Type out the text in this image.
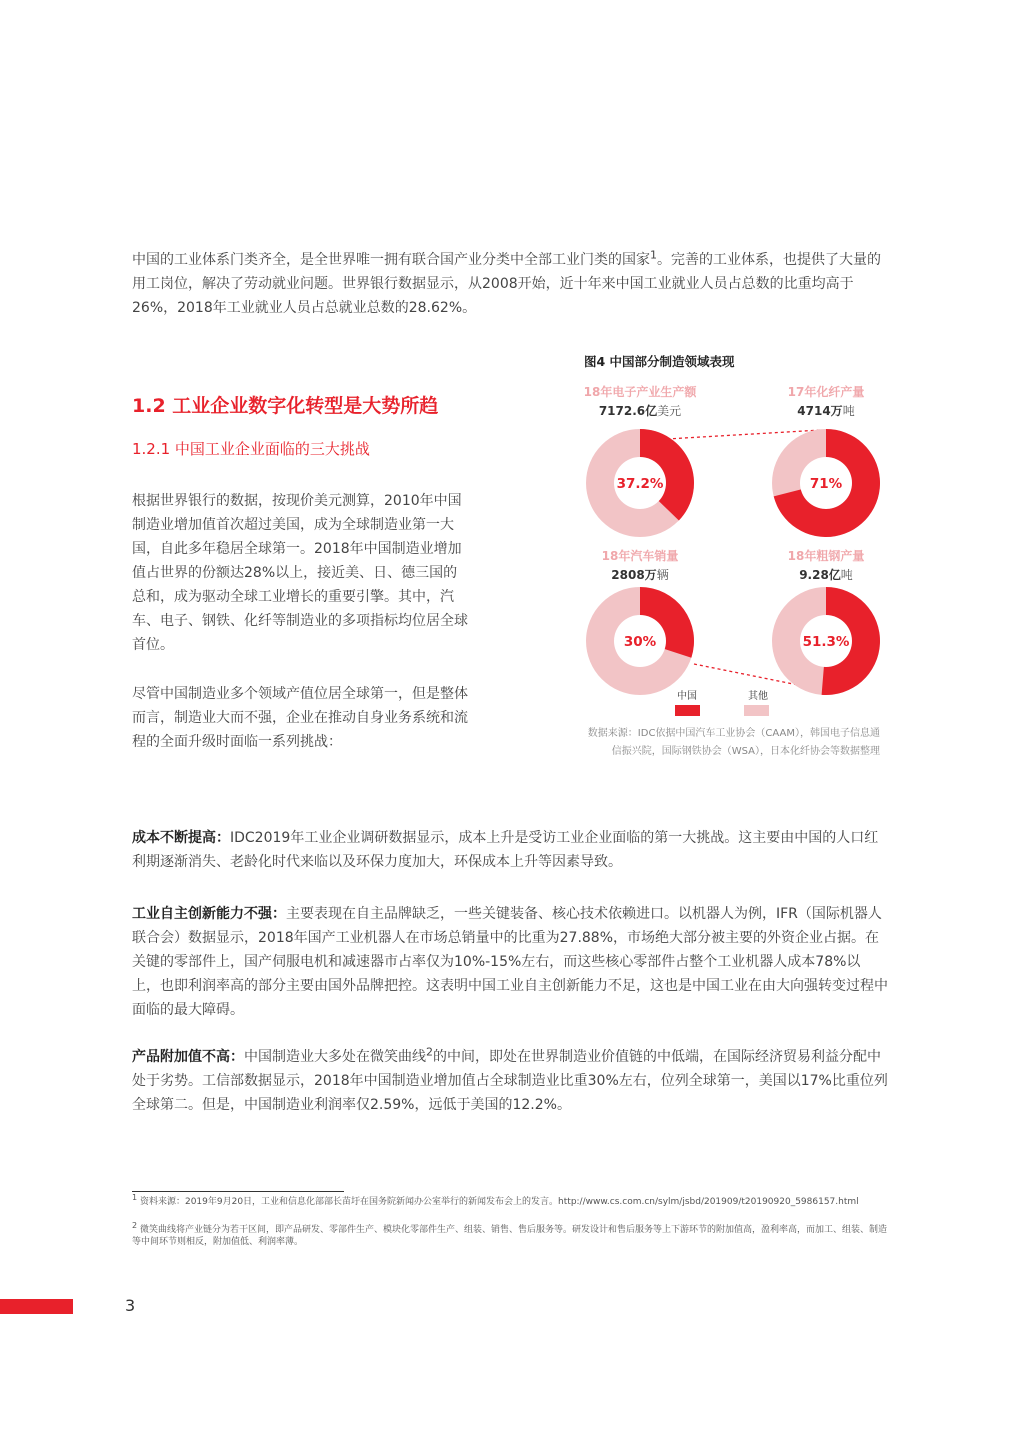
中国的工业体系门类齐全，是全世界唯一拥有联合国产业分类中全部工业门类的国家$^1$。完善的工业体系，也提供了大量的用工岗位，解决了劳动就业问题。世界银行数据显示，从2008开始，近十年来中国工业就业人员占总数的比重均高于26%，2018年工业就业人员占总就业总数的28.62%。

1.2 工业企业数字化转型是大势所趋
1.2.1 中国工业企业面临的三大挑战

根据世界银行的数据，按现价美元测算，2010年中国制造业增加值首次超过美国，成为全球制造业第一大国，自此多年稳居全球第一。2018年中国制造业增加值占世界的份额达28%以上，接近美、日、德三国的总和，成为驱动全球工业增长的重要引擎。其中，汽车、电子、钢铁、化纤等制造业的多项指标均位居全球首位。

尽管中国制造业多个领域产值位居全球第一，但是整体而言，制造业大而不强，企业在推动自身业务系统和流程的全面升级时面临一系列挑战：

图4 中国部分制造领域表现
18年电子产业生产额
7172.6亿美元
37.2%
17年化纤产量
4714万吨
71%
18年汽车销量
2808万辆
30%
18年粗钢产量
9.28亿吨
51.3%
中国	其他
数据来源：IDC依据中国汽车工业协会（CAAM），韩国电子信息通
信振兴院，国际钢铁协会（WSA），日本化纤协会等数据整理

成本不断提高：IDC2019年工业企业调研数据显示，成本上升是受访工业企业面临的第一大挑战。这主要由中国的人口红利期逐渐消失、老龄化时代来临以及环保力度加大，环保成本上升等因素导致。

工业自主创新能力不强：主要表现在自主品牌缺乏，一些关键装备、核心技术依赖进口。以机器人为例，IFR（国际机器人联合会）数据显示，2018年国产工业机器人在市场总销量中的比重为27.88%，市场绝大部分被主要的外资企业占据。在关键的零部件上，国产伺服电机和减速器市占率仅为10%-15%左右，而这些核心零部件占整个工业机器人成本78%以上，也即利润率高的部分主要由国外品牌把控。这表明中国工业自主创新能力不足，这也是中国工业在由大向强转变过程中面临的最大障碍。

产品附加值不高：中国制造业大多处在微笑曲线$^2$的中间，即处在世界制造业价值链的中低端，在国际经济贸易利益分配中处于劣势。工信部数据显示，2018年中国制造业增加值占全球制造业比重30%左右，位列全球第一，美国以17%比重位列全球第二。但是，中国制造业利润率仅2.59%，远低于美国的12.2%。

$^1$ 资料来源：2019年9月20日，工业和信息化部部长苗圩在国务院新闻办公室举行的新闻发布会上的发言。http://www.cs.com.cn/sylm/jsbd/201909/t20190920_5986157.html

$^2$ 微笑曲线将产业链分为若干区间，即产品研发、零部件生产、模块化零部件生产、组装、销售、售后服务等。研发设计和售后服务等上下游环节的附加值高，盈利率高，而加工、组装、制造等中间环节则相反，附加值低、利润率薄。

3
